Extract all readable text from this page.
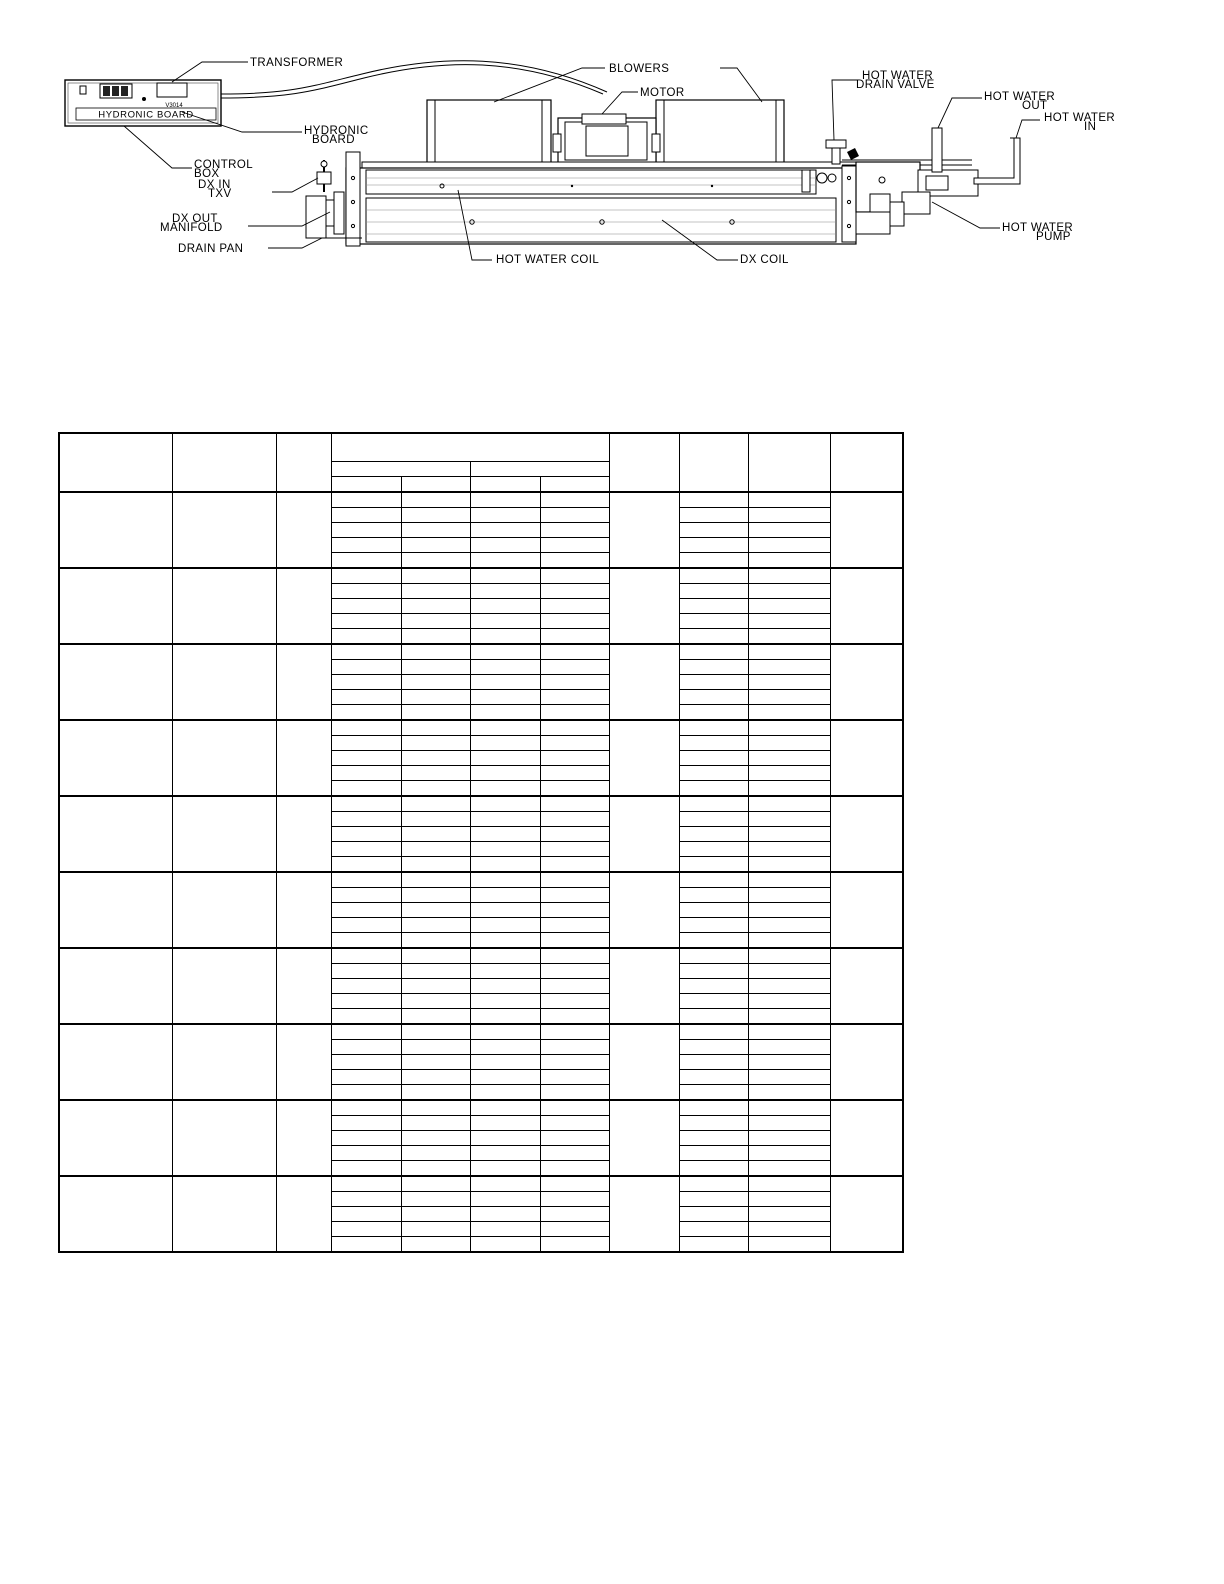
V3014
HYDRONIC BOARD
TRANSFORMER	BLOWERS
MOTOR
HOT WATER
DRAIN VALVE
HOT WATER
OUT
HOT WATER
IN
HYDRONIC
BOARD
CONTROL
BOX
DX IN
TXV
DX OUT
MANIFOLD
DRAIN PAN
HOT WATER COIL	DX COIL
HOT WATER
PUMP
